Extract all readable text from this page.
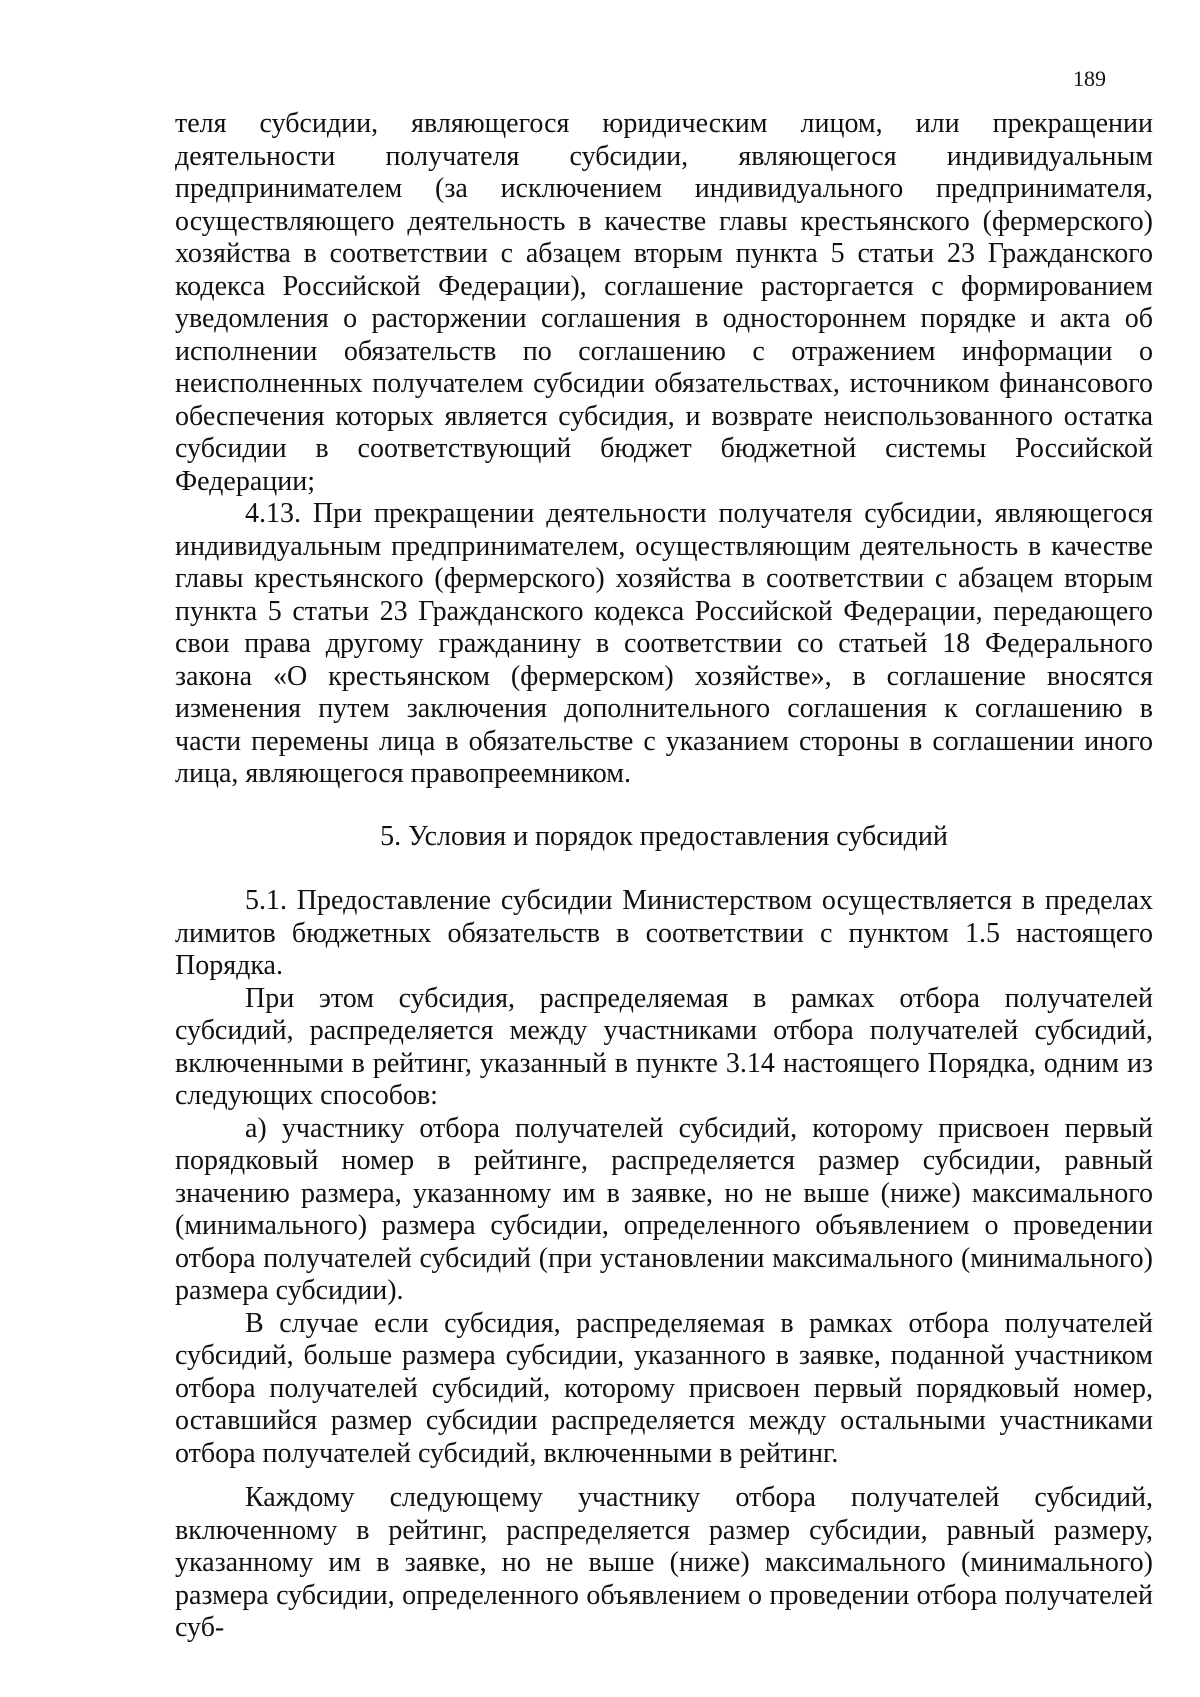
189

теля субсидии, являющегося юридическим лицом, или прекращении деятельности получателя субсидии, являющегося индивидуальным предпринимателем (за исключением индивидуального предпринимателя, осуществляющего деятельность в качестве главы крестьянского (фермерского) хозяйства в соответствии с абзацем вторым пункта 5 статьи 23 Гражданского кодекса Российской Федерации), соглашение расторгается с формированием уведомления о расторжении соглашения в одностороннем порядке и акта об исполнении обязательств по соглашению с отражением информации о неисполненных получателем субсидии обязательствах, источником финансового обеспечения которых является субсидия, и возврате неиспользованного остатка субсидии в соответствующий бюджет бюджетной системы Российской Федерации;

4.13. При прекращении деятельности получателя субсидии, являющегося индивидуальным предпринимателем, осуществляющим деятельность в качестве главы крестьянского (фермерского) хозяйства в соответствии с абзацем вторым пункта 5 статьи 23 Гражданского кодекса Российской Федерации, передающего свои права другому гражданину в соответствии со статьей 18 Федерального закона «О крестьянском (фермерском) хозяйстве», в соглашение вносятся изменения путем заключения дополнительного соглашения к соглашению в части перемены лица в обязательстве с указанием стороны в соглашении иного лица, являющегося правопреемником.

5. Условия и порядок предоставления субсидий

5.1. Предоставление субсидии Министерством осуществляется в пределах лимитов бюджетных обязательств в соответствии с пунктом 1.5 настоящего Порядка.

При этом субсидия, распределяемая в рамках отбора получателей субсидий, распределяется между участниками отбора получателей субсидий, включенными в рейтинг, указанный в пункте 3.14 настоящего Порядка, одним из следующих способов:

а) участнику отбора получателей субсидий, которому присвоен первый порядковый номер в рейтинге, распределяется размер субсидии, равный значению размера, указанному им в заявке, но не выше (ниже) максимального (минимального) размера субсидии, определенного объявлением о проведении отбора получателей субсидий (при установлении максимального (минимального) размера субсидии).

В случае если субсидия, распределяемая в рамках отбора получателей субсидий, больше размера субсидии, указанного в заявке, поданной участником отбора получателей субсидий, которому присвоен первый порядковый номер, оставшийся размер субсидии распределяется между остальными участниками отбора получателей субсидий, включенными в рейтинг.

Каждому следующему участнику отбора получателей субсидий, включенному в рейтинг, распределяется размер субсидии, равный размеру, указанному им в заявке, но не выше (ниже) максимального (минимального) размера субсидии, определенного объявлением о проведении отбора получателей суб-
